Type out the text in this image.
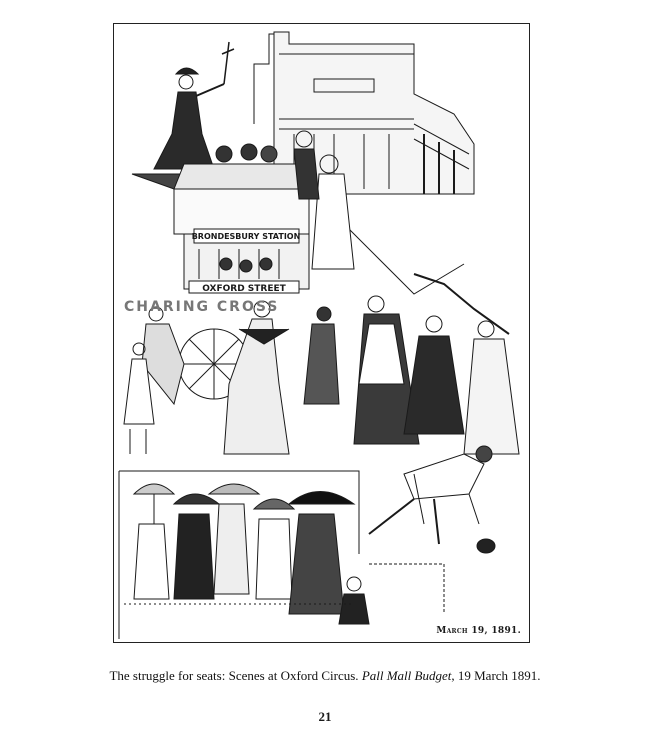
BRONDESBURY STATION
OXFORD STREET
CHARING CROSS
March 19, 1891.
The struggle for seats: Scenes at Oxford Circus. Pall Mall Budget, 19 March 1891.
21
